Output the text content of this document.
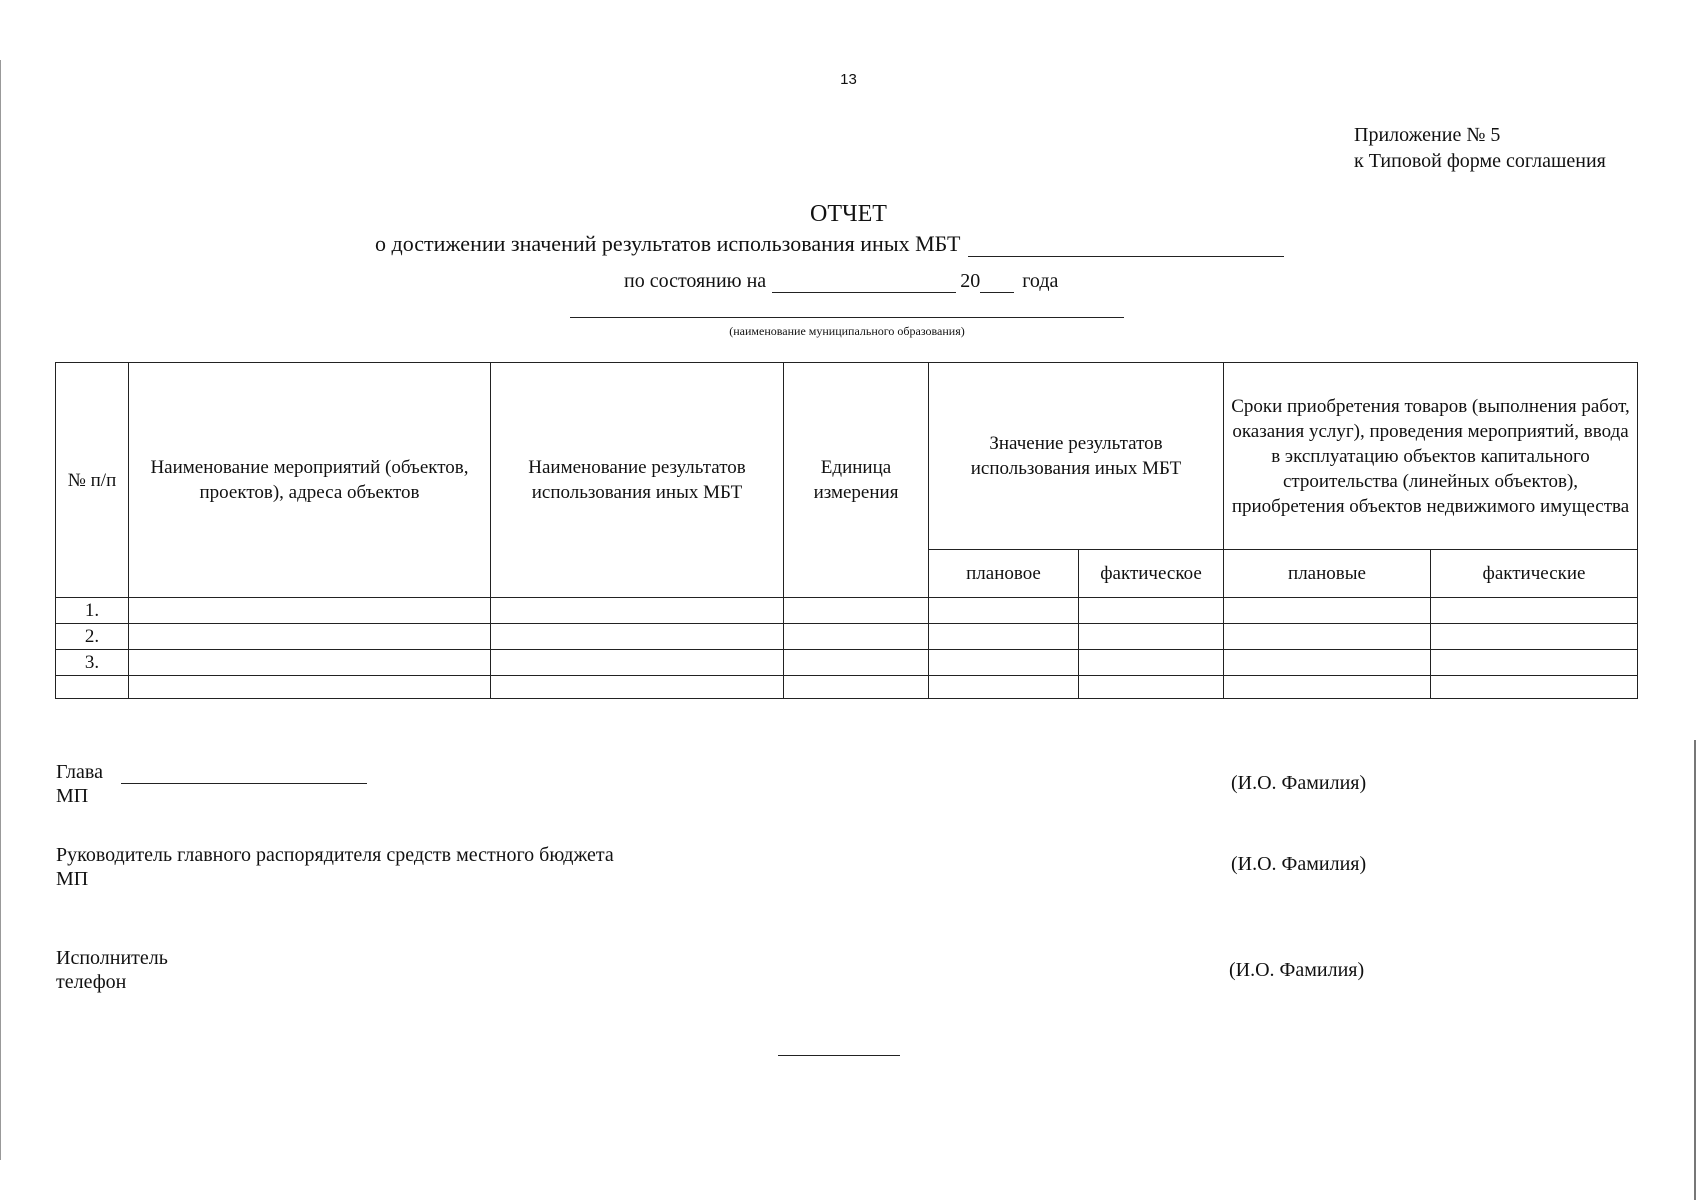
13
Приложение № 5
к Типовой форме соглашения
ОТЧЕТ
о достижении значений результатов использования иных МБТ
по состоянию на	20 года
(наименование муниципального образования)
№ п/п	Наименование мероприятий (объектов, проектов), адреса объектов	Наименование результатов использования иных МБТ	Единица измерения	Значение результатов использования иных МБТ		Сроки приобретения товаров (выполнения работ, оказания услуг), проведения мероприятий, ввода в эксплуатацию объектов капитального строительства (линейных объектов), приобретения объектов недвижимого имущества	
				плановое	фактическое	плановые	фактические
1.							
2.							
3.							

Глава
МП
(И.О. Фамилия)
Руководитель главного распорядителя средств местного бюджета
МП
(И.О. Фамилия)
Исполнитель
телефон
(И.О. Фамилия)
